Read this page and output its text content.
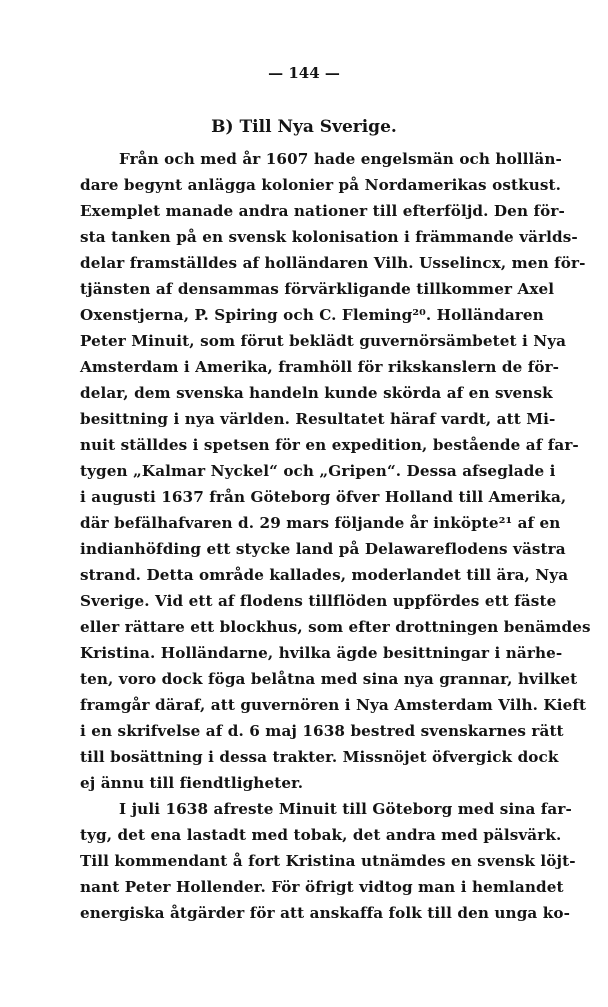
— 144 —
B) Till Nya Sverige.
Från och med år 1607 hade engelsmän och holllän-
dare begynt anlägga kolonier på Nordamerikas ostkust.
Exemplet manade andra nationer till efterföljd. Den för-
sta tanken på en svensk kolonisation i främmande världs-
delar framställdes af holländaren Vilh. Usselincx, men för-
tjänsten af densammas förvärkligande tillkommer Axel
Oxenstjerna, P. Spiring och C. Fleming²⁰. Holländaren
Peter Minuit, som förut beklädt guvernörsämbetet i Nya
Amsterdam i Amerika, framhöll för rikskanslern de för-
delar, dem svenska handeln kunde skörda af en svensk
besittning i nya världen. Resultatet häraf vardt, att Mi-
nuit ställdes i spetsen för en expedition, bestående af far-
tygen „Kalmar Nyckel“ och „Gripen“. Dessa afseglade i
i augusti 1637 från Göteborg öfver Holland till Amerika,
där befälhafvaren d. 29 mars följande år inköpte²¹ af en
indianhöfding ett stycke land på Delawareflodens västra
strand. Detta område kallades, moderlandet till ära, Nya
Sverige. Vid ett af flodens tillflöden uppfördes ett fäste
eller rättare ett blockhus, som efter drottningen benämdes
Kristina. Holländarne, hvilka ägde besittningar i närhe-
ten, voro dock föga belåtna med sina nya grannar, hvilket
framgår däraf, att guvernören i Nya Amsterdam Vilh. Kieft
i en skrifvelse af d. 6 maj 1638 bestred svenskarnes rätt
till bosättning i dessa trakter. Missnöjet öfvergick dock
ej ännu till fiendtligheter.
I juli 1638 afreste Minuit till Göteborg med sina far-
tyg, det ena lastadt med tobak, det andra med pälsvärk.
Till kommendant å fort Kristina utnämdes en svensk löjt-
nant Peter Hollender. För öfrigt vidtog man i hemlandet
energiska åtgärder för att anskaffa folk till den unga ko-
